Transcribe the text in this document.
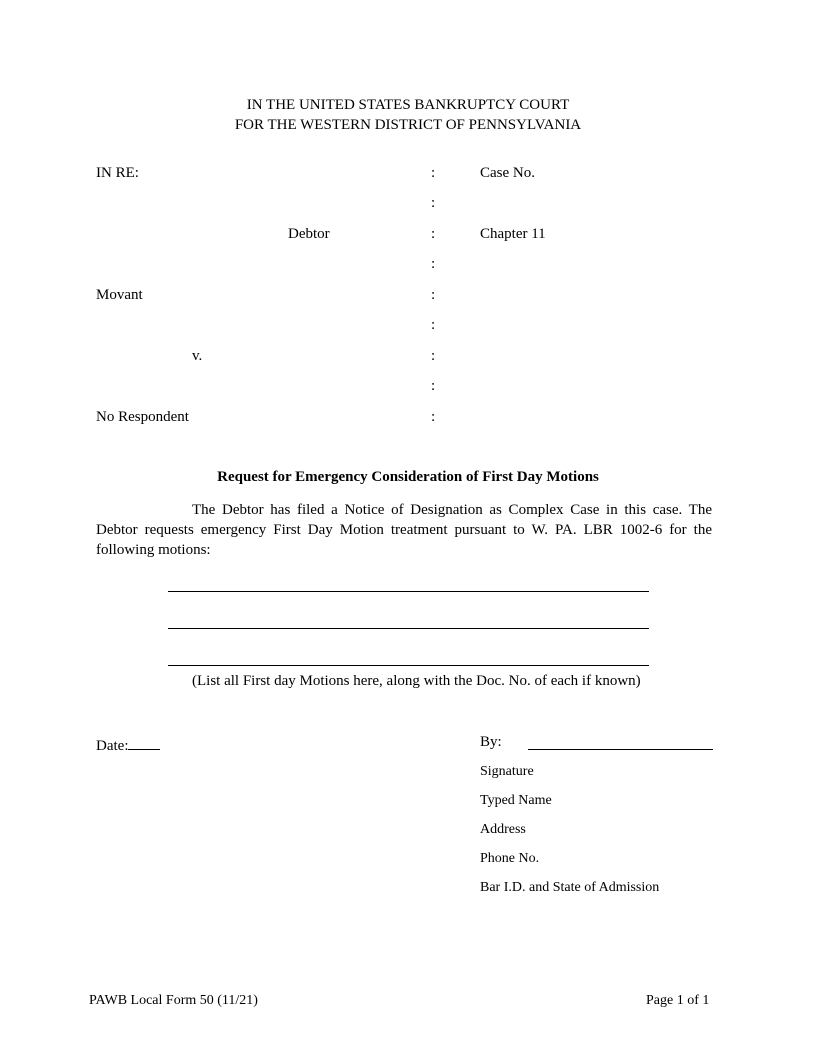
IN THE UNITED STATES BANKRUPTCY COURT
FOR THE WESTERN DISTRICT OF PENNSYLVANIA
IN RE:
Debtor
Movant
v.
No Respondent
:
:
:
:
:
:
:
:
:
Case No.
Chapter 11
Request for Emergency Consideration of First Day Motions
The Debtor has filed a Notice of Designation as Complex Case in this case. The Debtor requests emergency First Day Motion treatment pursuant to W. PA. LBR 1002-6 for the following motions:
(List all First day Motions here, along with the Doc. No. of each if known)
Date:	By:
Signature
Typed Name
Address
Phone No.
Bar I.D. and State of Admission
PAWB Local Form 50 (11/21)	Page 1 of 1
